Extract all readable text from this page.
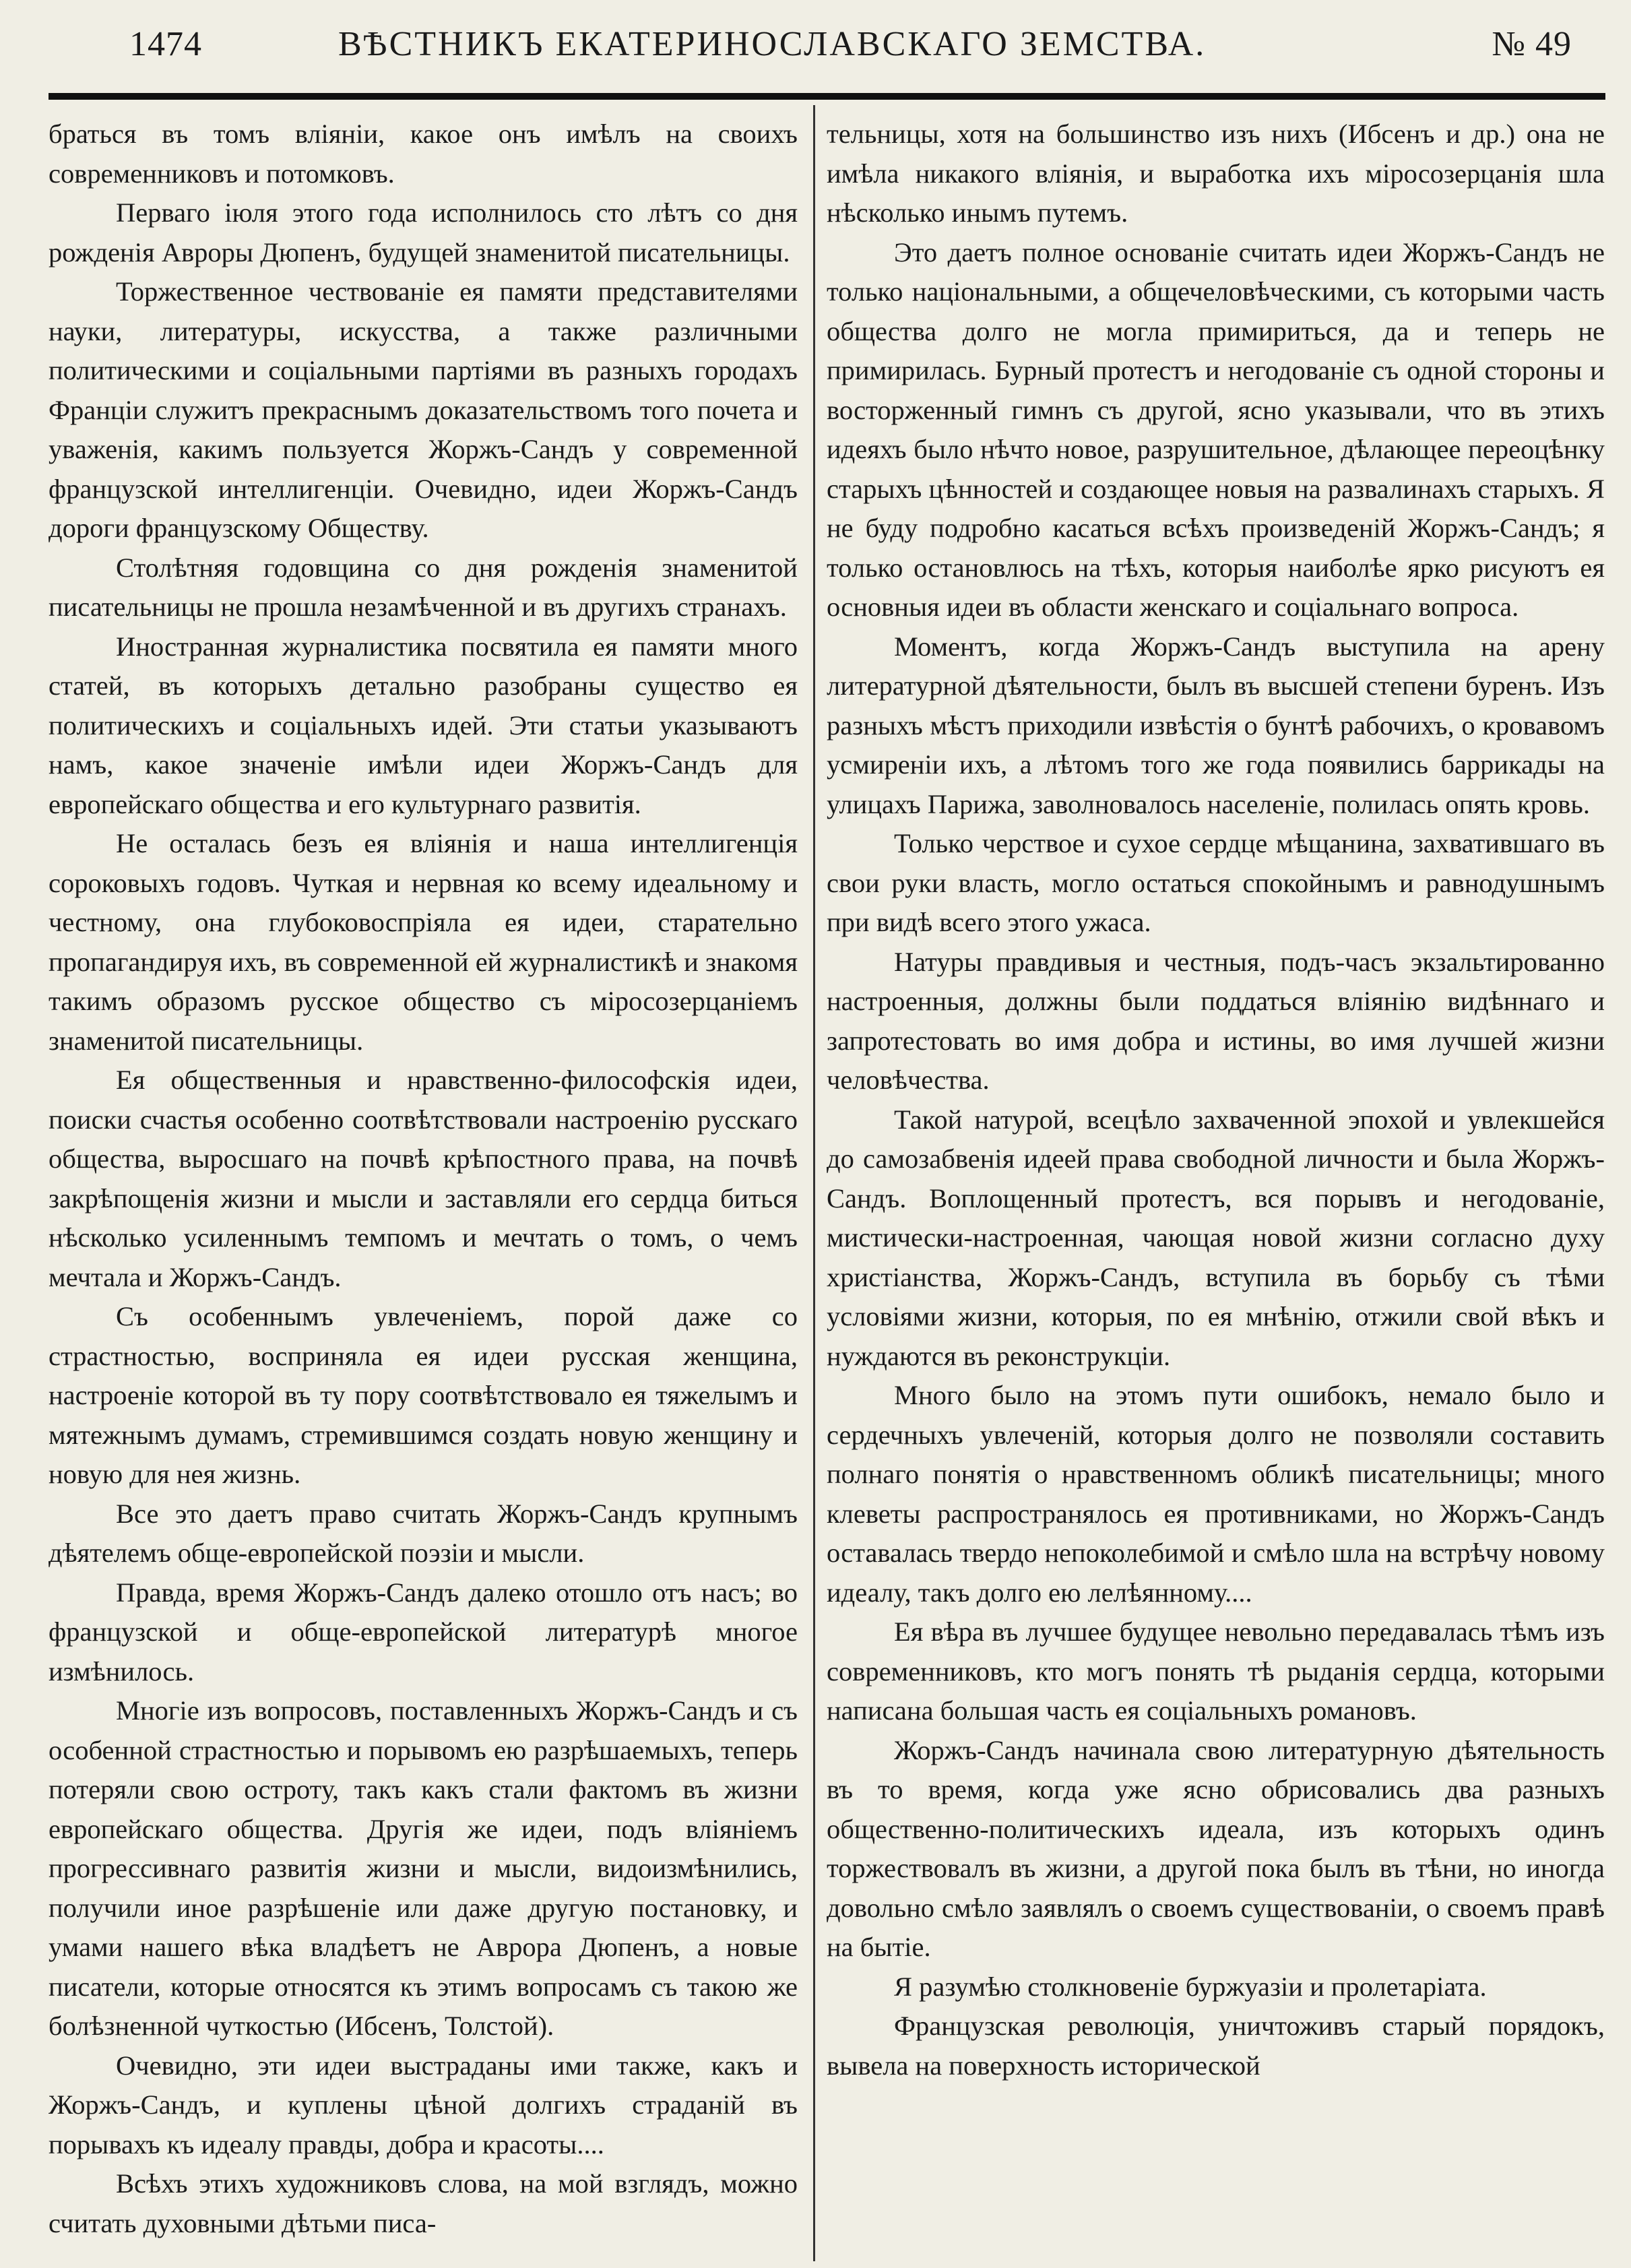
1474	ВѢСТНИКЪ ЕКАТЕРИНОСЛАВСКАГО ЗЕМСТВА.	№ 49

браться въ томъ вліяніи, какое онъ имѣлъ на своихъ современниковъ и потомковъ.

Перваго іюля этого года исполнилось сто лѣтъ со дня рожденія Авроры Дюпенъ, будущей знаменитой писательницы.

Торжественное чествованіе ея памяти представителями науки, литературы, искусства, а также различными политическими и соціальными партіями въ разныхъ городахъ Франціи служитъ прекраснымъ доказательствомъ того почета и уваженія, какимъ пользуется Жоржъ-Сандъ у современной французской интеллигенціи. Очевидно, идеи Жоржъ-Сандъ дороги французскому Обществу.

Столѣтняя годовщина со дня рожденія знаменитой писательницы не прошла незамѣченной и въ другихъ странахъ.

Иностранная журналистика посвятила ея памяти много статей, въ которыхъ детально разобраны существо ея политическихъ и соціальныхъ идей. Эти статьи указываютъ намъ, какое значеніе имѣли идеи Жоржъ-Сандъ для европейскаго общества и его культурнаго развитія.

Не осталась безъ ея вліянія и наша интеллигенція сороковыхъ годовъ. Чуткая и нервная ко всему идеальному и честному, она глубоковоспріяла ея идеи, старательно пропагандируя ихъ, въ современной ей журналистикѣ и знакомя такимъ образомъ русское общество съ міросозерцаніемъ знаменитой писательницы.

Ея общественныя и нравственно-философскія идеи, поиски счастья особенно соотвѣтствовали настроенію русскаго общества, выросшаго на почвѣ крѣпостного права, на почвѣ закрѣпощенія жизни и мысли и заставляли его сердца биться нѣсколько усиленнымъ темпомъ и мечтать о томъ, о чемъ мечтала и Жоржъ-Сандъ.

Съ особеннымъ увлеченіемъ, порой даже со страстностью, восприняла ея идеи русская женщина, настроеніе которой въ ту пору соотвѣтствовало ея тяжелымъ и мятежнымъ думамъ, стремившимся создать новую женщину и новую для нея жизнь.

Все это даетъ право считать Жоржъ-Сандъ крупнымъ дѣятелемъ обще-европейской поэзіи и мысли.

Правда, время Жоржъ-Сандъ далеко отошло отъ насъ; во французской и обще-европейской литературѣ многое измѣнилось.

Многіе изъ вопросовъ, поставленныхъ Жоржъ-Сандъ и съ особенной страстностью и порывомъ ею разрѣшаемыхъ, теперь потеряли свою остроту, такъ какъ стали фактомъ въ жизни европейскаго общества. Другія же идеи, подъ вліяніемъ прогрессивнаго развитія жизни и мысли, видоизмѣнились, получили иное разрѣшеніе или даже другую постановку, и умами нашего вѣка владѣетъ не Аврора Дюпенъ, а новые писатели, которые относятся къ этимъ вопросамъ съ такою же болѣзненной чуткостью (Ибсенъ, Толстой).

Очевидно, эти идеи выстраданы ими также, какъ и Жоржъ-Сандъ, и куплены цѣной долгихъ страданій въ порывахъ къ идеалу правды, добра и красоты....

Всѣхъ этихъ художниковъ слова, на мой взглядъ, можно считать духовными дѣтьми писа-

тельницы, хотя на большинство изъ нихъ (Ибсенъ и др.) она не имѣла никакого вліянія, и выработка ихъ міросозерцанія шла нѣсколько инымъ путемъ.

Это даетъ полное основаніе считать идеи Жоржъ-Сандъ не только національными, а общечеловѣческими, съ которыми часть общества долго не могла примириться, да и теперь не примирилась. Бурный протестъ и негодованіе съ одной стороны и восторженный гимнъ съ другой, ясно указывали, что въ этихъ идеяхъ было нѣчто новое, разрушительное, дѣлающее переоцѣнку старыхъ цѣнностей и создающее новыя на развалинахъ старыхъ. Я не буду подробно касаться всѣхъ произведеній Жоржъ-Сандъ; я только остановлюсь на тѣхъ, которыя наиболѣе ярко рисуютъ ея основныя идеи въ области женскаго и соціальнаго вопроса.

Моментъ, когда Жоржъ-Сандъ выступила на арену литературной дѣятельности, былъ въ высшей степени буренъ. Изъ разныхъ мѣстъ приходили извѣстія о бунтѣ рабочихъ, о кровавомъ усмиреніи ихъ, а лѣтомъ того же года появились баррикады на улицахъ Парижа, заволновалось населеніе, полилась опять кровь.

Только черствое и сухое сердце мѣщанина, захватившаго въ свои руки власть, могло остаться спокойнымъ и равнодушнымъ при видѣ всего этого ужаса.

Натуры правдивыя и честныя, подъ-часъ экзальтированно настроенныя, должны были поддаться вліянію видѣннаго и запротестовать во имя добра и истины, во имя лучшей жизни человѣчества.

Такой натурой, всецѣло захваченной эпохой и увлекшейся до самозабвенія идеей права свободной личности и была Жоржъ-Сандъ. Воплощенный протестъ, вся порывъ и негодованіе, мистически-настроенная, чающая новой жизни согласно духу христіанства, Жоржъ-Сандъ, вступила въ борьбу съ тѣми условіями жизни, которыя, по ея мнѣнію, отжили свой вѣкъ и нуждаются въ реконструкціи.

Много было на этомъ пути ошибокъ, немало было и сердечныхъ увлеченій, которыя долго не позволяли составить полнаго понятія о нравственномъ обликѣ писательницы; много клеветы распространялось ея противниками, но Жоржъ-Сандъ оставалась твердо непоколебимой и смѣло шла на встрѣчу новому идеалу, такъ долго ею лелѣянному....

Ея вѣра въ лучшее будущее невольно передавалась тѣмъ изъ современниковъ, кто могъ понять тѣ рыданія сердца, которыми написана большая часть ея соціальныхъ романовъ.

Жоржъ-Сандъ начинала свою литературную дѣятельность въ то время, когда уже ясно обрисовались два разныхъ общественно-политическихъ идеала, изъ которыхъ одинъ торжествовалъ въ жизни, а другой пока былъ въ тѣни, но иногда довольно смѣло заявлялъ о своемъ существованіи, о своемъ правѣ на бытіе.

Я разумѣю столкновеніе буржуазіи и пролетаріата.

Французская революція, уничтоживъ старый порядокъ, вывела на поверхность исторической
